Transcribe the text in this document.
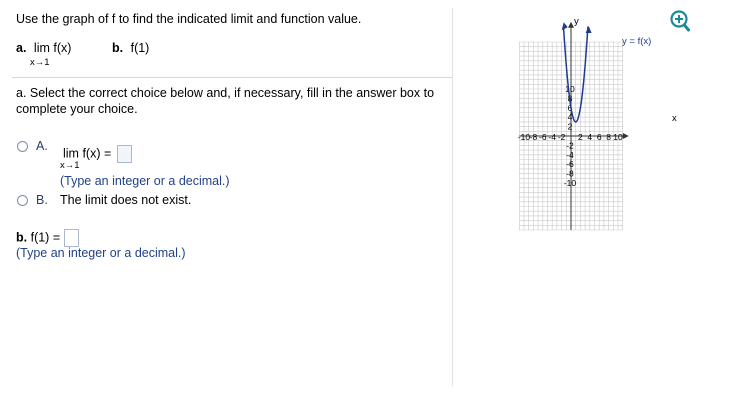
Use the graph of f to find the indicated limit and function value.
a. lim f(x)
x→1
b. f(1)
a. Select the correct choice below and, if necessary, fill in the answer box to complete your choice.
A.
lim f(x) =
x→1
(Type an integer or a decimal.)
B. The limit does not exist.
b. f(1) =
(Type an integer or a decimal.)
-10 -8 -6 -4 -2 2 4 6 8 10
10
8
6
4
2
-2
-4
-6
-8
-10
y = f(x)
y
x
